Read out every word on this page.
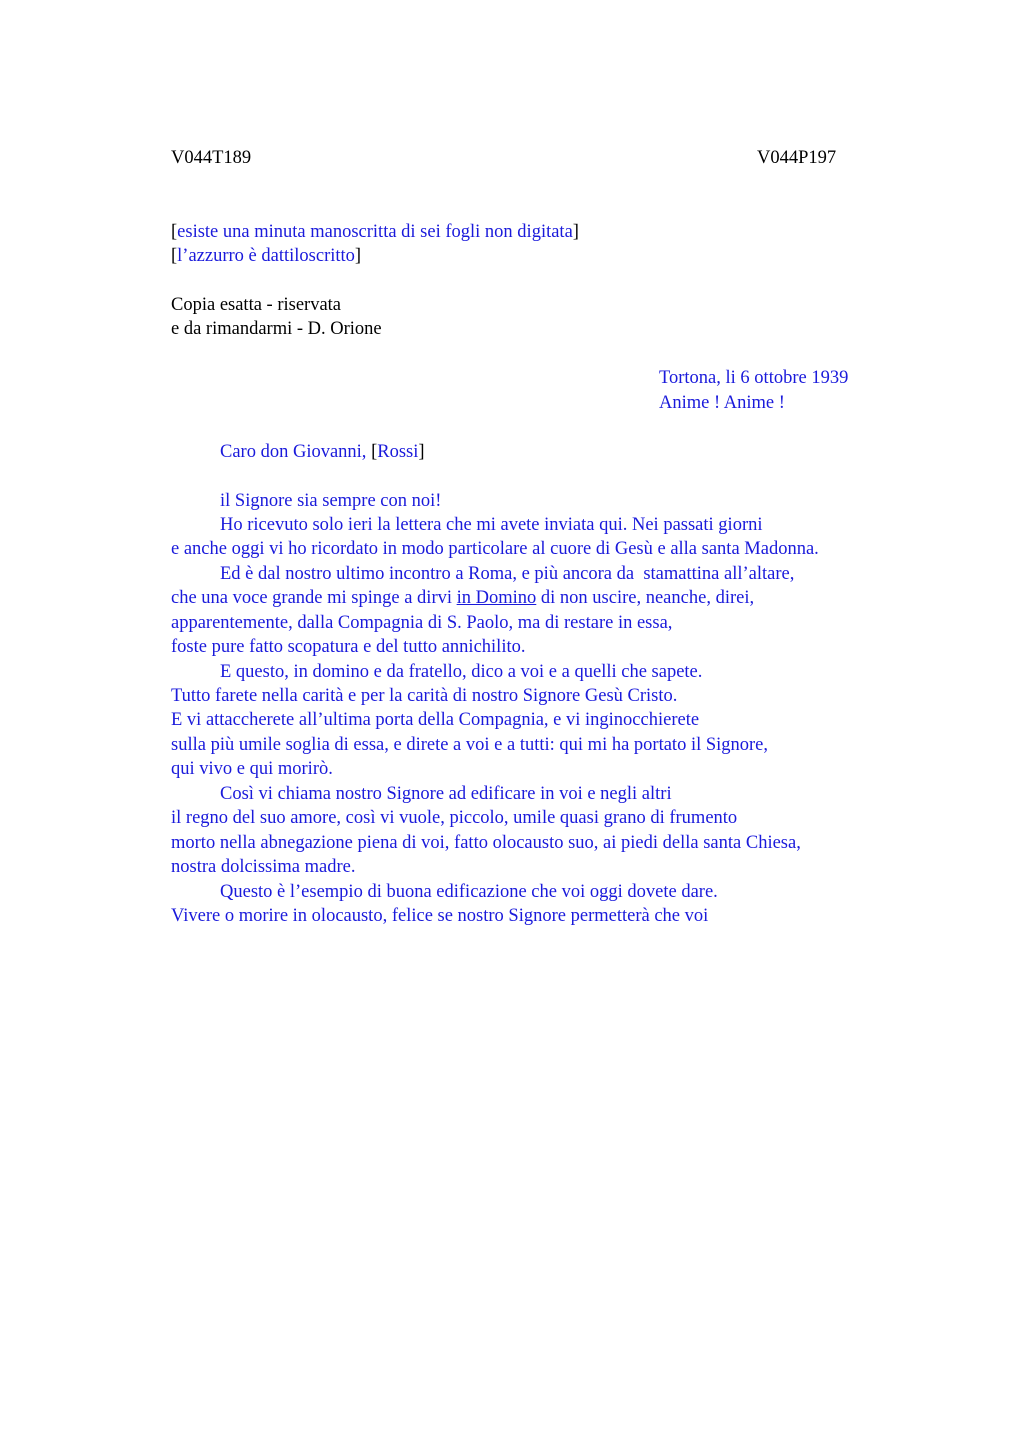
V044T189	V044P197
[esiste una minuta manoscritta di sei fogli non digitata]
[l’azzurro è dattiloscritto]
Copia esatta - riservata
e da rimandarmi - D. Orione
Tortona, li 6 ottobre 1939
Anime ! Anime !
Caro don Giovanni, [Rossi]
il Signore sia sempre con noi!
Ho ricevuto solo ieri la lettera che mi avete inviata qui. Nei passati giorni
e anche oggi vi ho ricordato in modo particolare al cuore di Gesù e alla santa Madonna.
Ed è dal nostro ultimo incontro a Roma, e più ancora da  stamattina all’altare,
che una voce grande mi spinge a dirvi in Domino di non uscire, neanche, direi,
apparentemente, dalla Compagnia di S. Paolo, ma di restare in essa,
foste pure fatto scopatura e del tutto annichilito.
E questo, in domino e da fratello, dico a voi e a quelli che sapete.
Tutto farete nella carità e per la carità di nostro Signore Gesù Cristo.
E vi attaccherete all’ultima porta della Compagnia, e vi inginocchierete
sulla più umile soglia di essa, e direte a voi e a tutti: qui mi ha portato il Signore,
qui vivo e qui morirò.
Così vi chiama nostro Signore ad edificare in voi e negli altri
il regno del suo amore, così vi vuole, piccolo, umile quasi grano di frumento
morto nella abnegazione piena di voi, fatto olocausto suo, ai piedi della santa Chiesa,
nostra dolcissima madre.
Questo è l’esempio di buona edificazione che voi oggi dovete dare.
Vivere o morire in olocausto, felice se nostro Signore permetterà che voi
